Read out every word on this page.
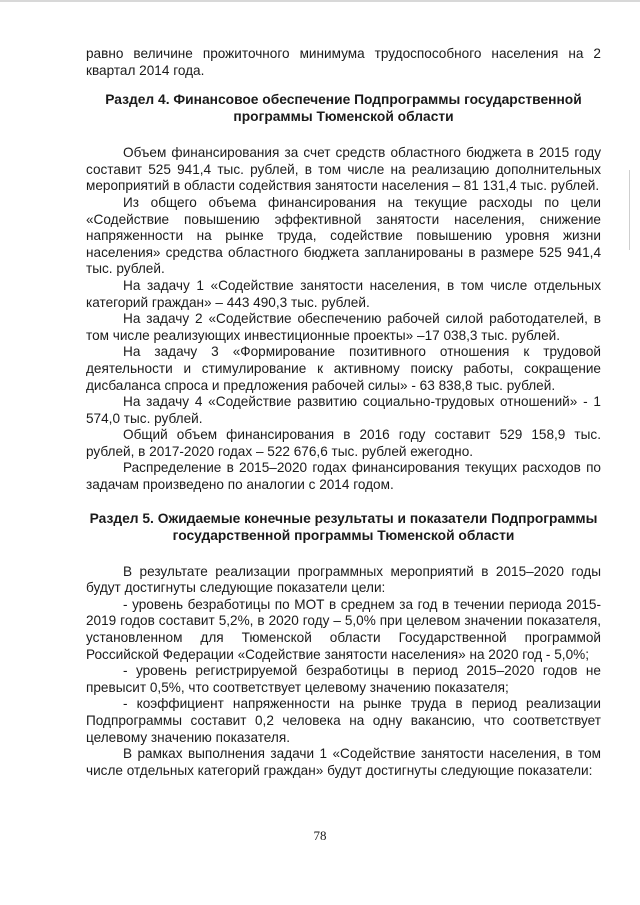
равно величине прожиточного минимума трудоспособного населения на 2 квартал 2014 года.

Раздел 4. Финансовое обеспечение Подпрограммы государственной программы Тюменской области

Объем финансирования за счет средств областного бюджета в 2015 году составит 525 941,4 тыс. рублей, в том числе на реализацию дополнительных мероприятий в области содействия занятости населения – 81 131,4 тыс. рублей.

Из общего объема финансирования на текущие расходы по цели «Содействие повышению эффективной занятости населения, снижение напряженности на рынке труда, содействие повышению уровня жизни населения» средства областного бюджета запланированы в размере 525 941,4 тыс. рублей.

На задачу 1 «Содействие занятости населения, в том числе отдельных категорий граждан» – 443 490,3 тыс. рублей.

На задачу 2 «Содействие обеспечению рабочей силой работодателей, в том числе реализующих инвестиционные проекты» –17 038,3 тыс. рублей.

На задачу 3 «Формирование позитивного отношения к трудовой деятельности и стимулирование к активному поиску работы, сокращение дисбаланса спроса и предложения рабочей силы» - 63 838,8 тыс. рублей.

На задачу 4 «Содействие развитию социально-трудовых отношений» - 1 574,0 тыс. рублей.

Общий объем финансирования в 2016 году составит 529 158,9 тыс. рублей, в 2017-2020 годах – 522 676,6 тыс. рублей ежегодно.

Распределение в 2015–2020 годах финансирования текущих расходов по задачам произведено по аналогии с 2014 годом.

Раздел 5. Ожидаемые конечные результаты и показатели Подпрограммы государственной программы Тюменской области

В результате реализации программных мероприятий в 2015–2020 годы будут достигнуты следующие показатели цели:

- уровень безработицы по МОТ в среднем за год в течении периода 2015-2019 годов составит 5,2%, в 2020 году – 5,0% при целевом значении показателя, установленном для Тюменской области Государственной программой Российской Федерации «Содействие занятости населения» на 2020 год - 5,0%;

- уровень регистрируемой безработицы в период 2015–2020 годов не превысит 0,5%, что соответствует целевому значению показателя;

- коэффициент напряженности на рынке труда в период реализации Подпрограммы составит 0,2 человека на одну вакансию, что соответствует целевому значению показателя.

В рамках выполнения задачи 1 «Содействие занятости населения, в том числе отдельных категорий граждан» будут достигнуты следующие показатели:

78
